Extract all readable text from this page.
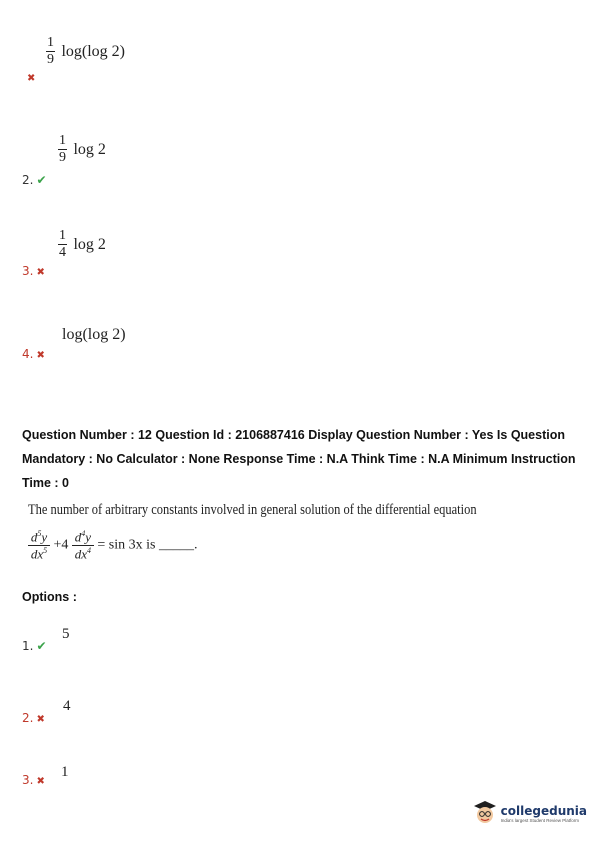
$\frac{1}{9} \log(\log$ 2)
✖
$\frac{1}{9}$ log 2
2. ✔
$\frac{1}{4}$ log 2
3. ✖
log(log 2)
4. ✖
Question Number : 12 Question Id : 2106887416 Display Question Number : Yes Is Question Mandatory : No Calculator : None Response Time : N.A Think Time : N.A Minimum Instruction Time : 0
The number of arbitrary constants involved in general solution of the differential equation
$\frac{d^5y}{dx^5} +4 \frac{d^4y}{dx^4} = \sin 3x$ is _____.
Options :
1. ✔
5
2. ✖
4
3. ✖
1
collegedunia
India's largest Student Review Platform
